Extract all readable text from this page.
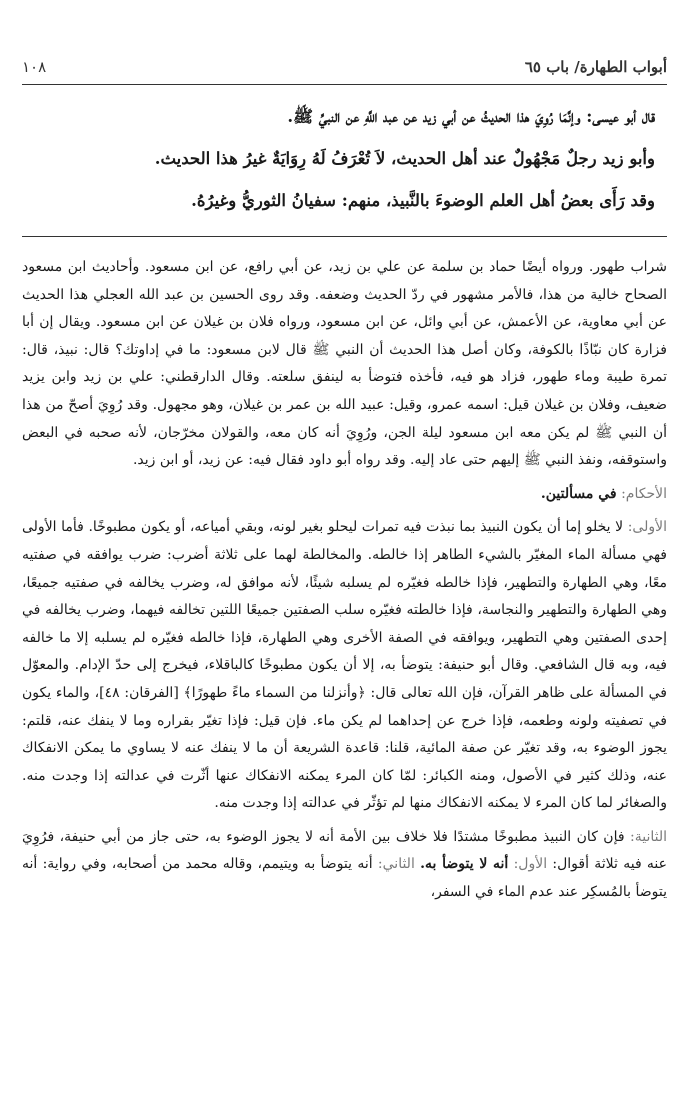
أبواب الطهارة/ باب ٦٥
١٠٨

قال أبو عيسى: وإنَّمَا رُوِيَ هذا الحديثُ عن أبي زيد عن عبد اللَّهِ عن النبيِّ ﷺ.

وأبو زيد رجلٌ مَجْهُولٌ عند أهل الحديث، لاَ تُعْرَفُ لَهُ رِوَايَةٌ غيرُ هذا الحديث.

وقد رَأَى بعضُ أهل العلم الوضوءَ بالنَّبيذ، منهم: سفيانُ الثوريُّ وغيرُهُ.

شراب طهور. ورواه أيضًا حماد بن سلمة عن علي بن زيد، عن أبي رافع، عن ابن مسعود. وأحاديث ابن مسعود الصحاح خالية من هذا، فالأمر مشهور في ردّ الحديث وضعفه. وقد روى الحسين بن عبد الله العجلي هذا الحديث عن أبي معاوية، عن الأعمش، عن أبي وائل، عن ابن مسعود، ورواه فلان بن غيلان عن ابن مسعود. ويقال إن أبا فزارة كان نبّاذًا بالكوفة، وكان أصل هذا الحديث أن النبي ﷺ قال لابن مسعود: ما في إداوتك؟ قال: نبيذ، قال: تمرة طيبة وماء طهور، فزاد هو فيه، فأخذه فتوضأ به لينفق سلعته. وقال الدارقطني: علي بن زيد وابن يزيد ضعيف، وفلان بن غيلان قيل: اسمه عمرو، وقيل: عبيد الله بن عمر بن غيلان، وهو مجهول. وقد رُوِيَ أصحّ من هذا أن النبي ﷺ لم يكن معه ابن مسعود ليلة الجن، ورُوِيَ أنه كان معه، والقولان مخرّجان، لأنه صحبه في البعض واستوقفه، ونفذ النبي ﷺ إليهم حتى عاد إليه. وقد رواه أبو داود فقال فيه: عن زيد، أو ابن زيد.

الأحكام: في مسألتين.

الأولى: لا يخلو إما أن يكون النبيذ بما نبذت فيه تمرات ليحلو بغير لونه، وبقي أمياعه، أو يكون مطبوخًا. فأما الأولى فهي مسألة الماء المغيّر بالشيء الطاهر إذا خالطه. والمخالطة لهما على ثلاثة أضرب: ضرب يوافقه في صفتيه معًا، وهي الطهارة والتطهير، فإذا خالطه فغيّره لم يسلبه شيئًا، لأنه موافق له، وضرب يخالفه في صفتيه جميعًا، وهي الطهارة والتطهير والنجاسة، فإذا خالطته فغيّره سلب الصفتين جميعًا اللتين تخالفه فيهما، وضرب يخالفه في إحدى الصفتين وهي التطهير، ويوافقه في الصفة الأخرى وهي الطهارة، فإذا خالطه فغيّره لم يسلبه إلا ما خالفه فيه، وبه قال الشافعي. وقال أبو حنيفة: يتوضأ به، إلا أن يكون مطبوخًا كالباقلاء، فيخرج إلى حدّ الإدام. والمعوّل في المسألة على ظاهر القرآن، فإن الله تعالى قال: ﴿وأنزلنا من السماء ماءً طهورًا﴾ [الفرقان: ٤٨]، والماء يكون في تصفيته ولونه وطعمه، فإذا خرج عن إحداهما لم يكن ماء. فإن قيل: فإذا تغيّر بقراره وما لا ينفك عنه، قلتم: يجوز الوضوء به، وقد تغيّر عن صفة المائية، قلنا: قاعدة الشريعة أن ما لا ينفك عنه لا يساوي ما يمكن الانفكاك عنه، وذلك كثير في الأصول، ومنه الكبائر: لمّا كان المرء يمكنه الانفكاك عنها أثّرت في عدالته إذا وجدت منه. والصغائر لما كان المرء لا يمكنه الانفكاك منها لم تؤثّر في عدالته إذا وجدت منه.

الثانية: فإن كان النبيذ مطبوخًا مشتدًا فلا خلاف بين الأمة أنه لا يجوز الوضوء به، حتى جاز من أبي حنيفة، فرُوِيَ عنه فيه ثلاثة أقوال: الأول: أنه لا يتوضأ به. الثاني: أنه يتوضأ به ويتيمم، وقاله محمد من أصحابه، وفي رواية: أنه يتوضأ بالمُسكِر عند عدم الماء في السفر،
